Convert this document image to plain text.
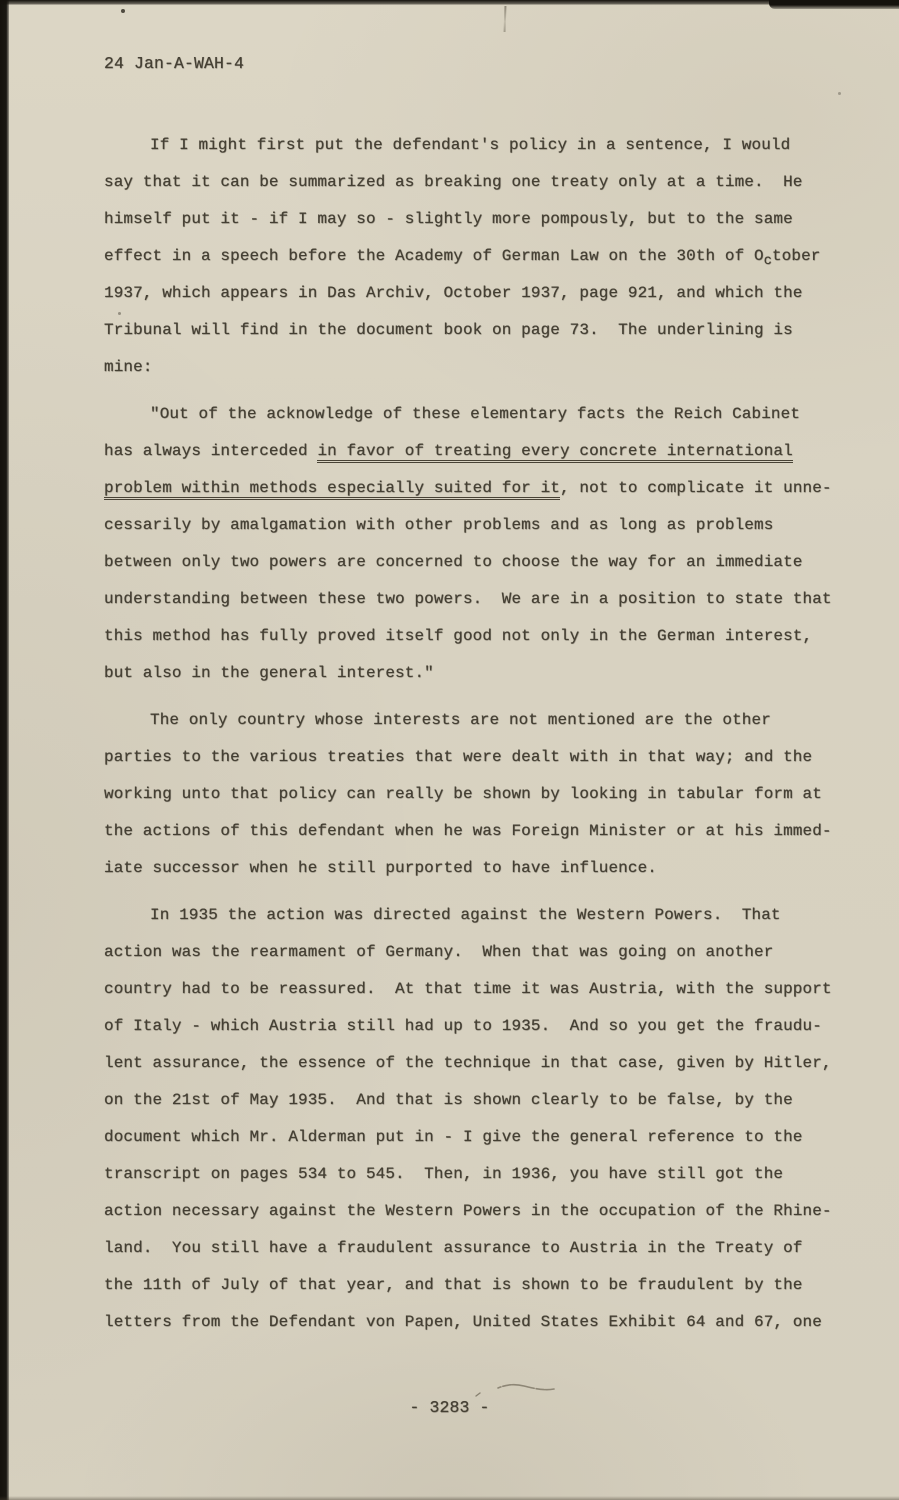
24 Jan-A-WAH-4
If I might first put the defendant's policy in a sentence, I would
say that it can be summarized as breaking one treaty only at a time.  He
himself put it - if I may so - slightly more pompously, but to the same
effect in a speech before the Academy of German Law on the 30th of $O_ctober$
1937, which appears in Das Archiv, October 1937, page 921, and which the
Tribunal will find in the document book on page 73.  The underlining is
mine:
"Out of the acknowledge of these elementary facts the Reich Cabinet
has always interceded in favor of treating every concrete international
problem within methods especially suited for it, not to complicate it unne-
cessarily by amalgamation with other problems and as long as problems
between only two powers are concerned to choose the way for an immediate
understanding between these two powers.  We are in a position to state that
this method has fully proved itself good not only in the German interest,
but also in the general interest."
The only country whose interests are not mentioned are the other
parties to the various treaties that were dealt with in that way; and the
working unto that policy can really be shown by looking in tabular form at
the actions of this defendant when he was Foreign Minister or at his immed-
iate successor when he still purported to have influence.
In 1935 the action was directed against the Western Powers.  That
action was the rearmament of Germany.  When that was going on another
country had to be reassured.  At that time it was Austria, with the support
of Italy - which Austria still had up to 1935.  And so you get the fraudu-
lent assurance, the essence of the technique in that case, given by Hitler,
on the 21st of May 1935.  And that is shown clearly to be false, by the
document which Mr. Alderman put in - I give the general reference to the
transcript on pages 534 to 545.  Then, in 1936, you have still got the
action necessary against the Western Powers in the occupation of the Rhine-
land.  You still have a fraudulent assurance to Austria in the Treaty of
the 11th of July of that year, and that is shown to be fraudulent by the
letters from the Defendant von Papen, United States Exhibit 64 and 67, one
- 3283 -
